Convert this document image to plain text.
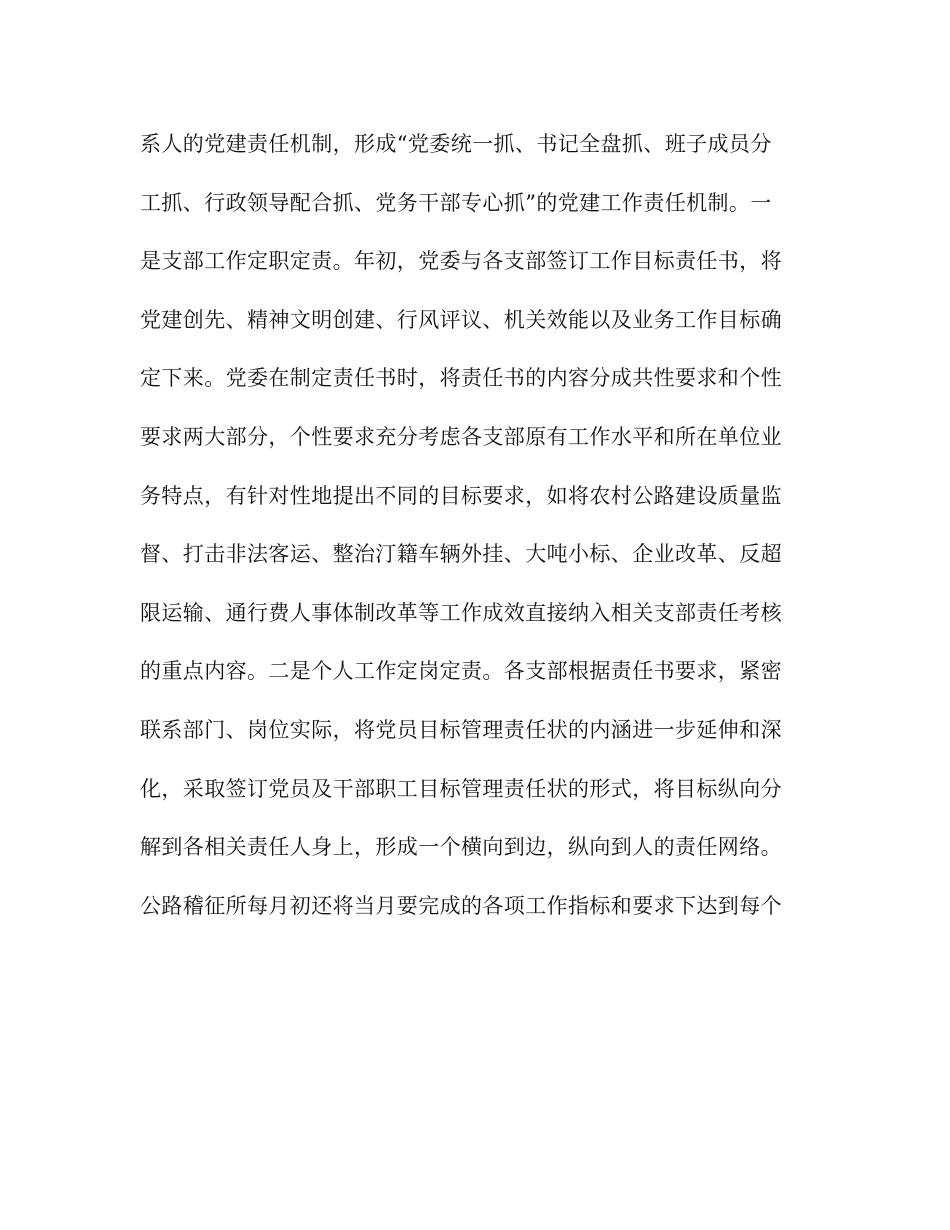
系人的党建责任机制，形成“党委统一抓、书记全盘抓、班子成员分
工抓、行政领导配合抓、党务干部专心抓”的党建工作责任机制。一
是支部工作定职定责。年初，党委与各支部签订工作目标责任书，将
党建创先、精神文明创建、行风评议、机关效能以及业务工作目标确
定下来。党委在制定责任书时，将责任书的内容分成共性要求和个性
要求两大部分，个性要求充分考虑各支部原有工作水平和所在单位业
务特点，有针对性地提出不同的目标要求，如将农村公路建设质量监
督、打击非法客运、整治汀籍车辆外挂、大吨小标、企业改革、反超
限运输、通行费人事体制改革等工作成效直接纳入相关支部责任考核
的重点内容。二是个人工作定岗定责。各支部根据责任书要求，紧密
联系部门、岗位实际，将党员目标管理责任状的内涵进一步延伸和深
化，采取签订党员及干部职工目标管理责任状的形式，将目标纵向分
解到各相关责任人身上，形成一个横向到边，纵向到人的责任网络。
公路稽征所每月初还将当月要完成的各项工作指标和要求下达到每个
